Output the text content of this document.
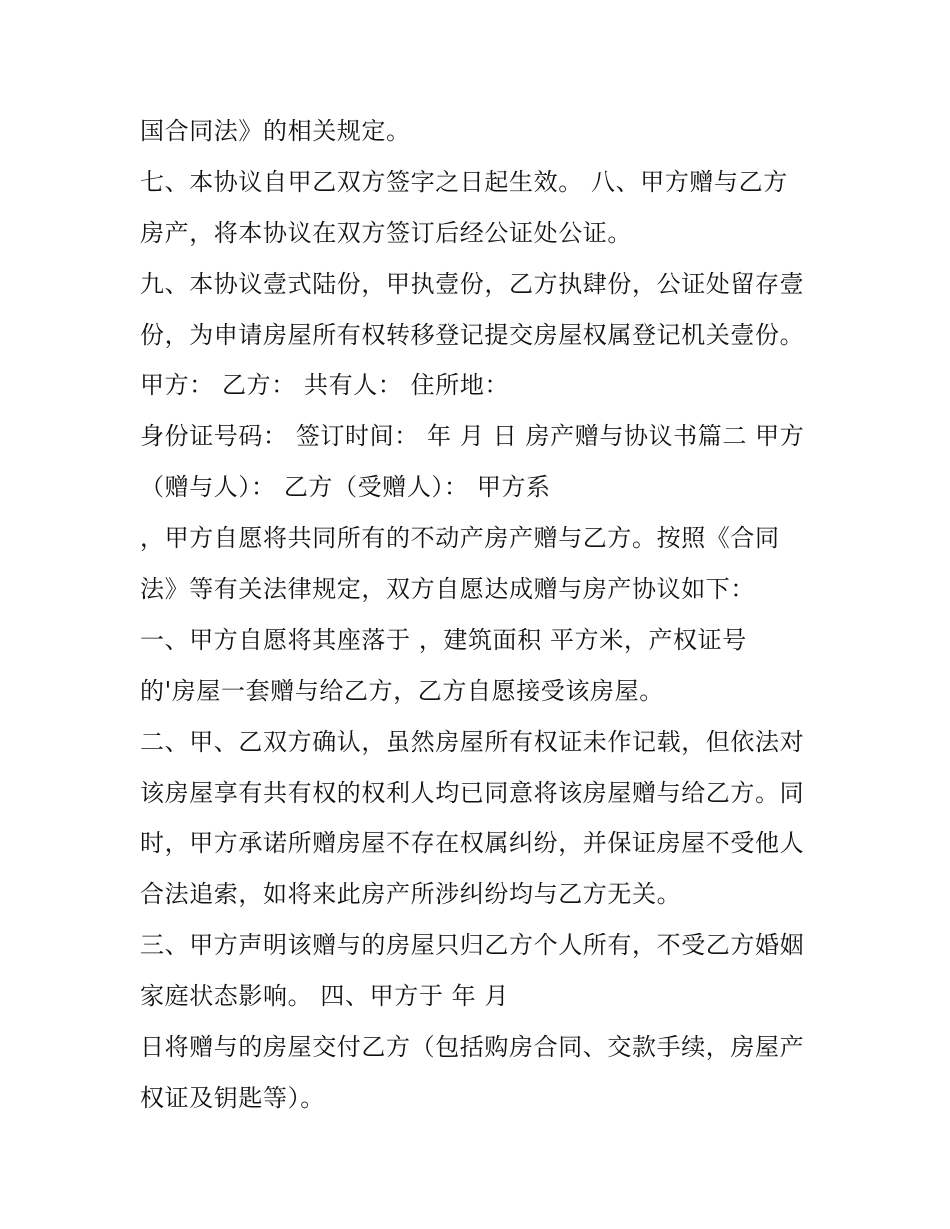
国合同法》的相关规定。
七、本协议自甲乙双方签字之日起生效。 八、甲方赠与乙方
房产，将本协议在双方签订后经公证处公证。
九、本协议壹式陆份，甲执壹份，乙方执肆份，公证处留存壹
份，为申请房屋所有权转移登记提交房屋权属登记机关壹份。
甲方： 乙方： 共有人： 住所地：
身份证号码： 签订时间： 年 月 日 房产赠与协议书篇二 甲方
（赠与人）： 乙方（受赠人）： 甲方系
，甲方自愿将共同所有的不动产房产赠与乙方。按照《合同
法》等有关法律规定，双方自愿达成赠与房产协议如下：
一、甲方自愿将其座落于 ，建筑面积 平方米，产权证号
的'房屋一套赠与给乙方，乙方自愿接受该房屋。
二、甲、乙双方确认，虽然房屋所有权证未作记载，但依法对
该房屋享有共有权的权利人均已同意将该房屋赠与给乙方。同
时，甲方承诺所赠房屋不存在权属纠纷，并保证房屋不受他人
合法追索，如将来此房产所涉纠纷均与乙方无关。
三、甲方声明该赠与的房屋只归乙方个人所有，不受乙方婚姻
家庭状态影响。 四、甲方于 年 月
日将赠与的房屋交付乙方（包括购房合同、交款手续，房屋产
权证及钥匙等）。
